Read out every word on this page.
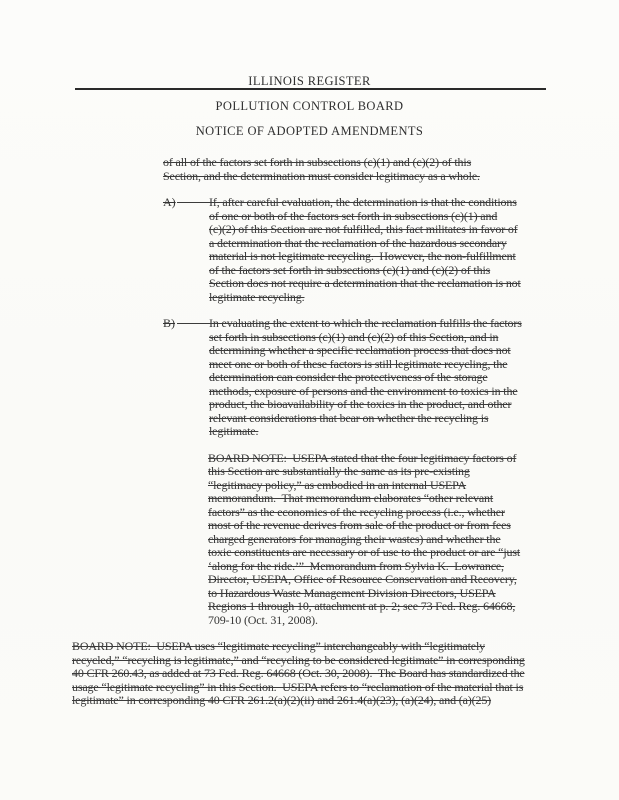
ILLINOIS REGISTER
POLLUTION CONTROL BOARD
NOTICE OF ADOPTED AMENDMENTS
of all of the factors set forth in subsections (c)(1) and (c)(2) of this
Section, and the determination must consider legitimacy as a whole.
A)	If, after careful evaluation, the determination is that the conditions
of one or both of the factors set forth in subsections (c)(1) and
(c)(2) of this Section are not fulfilled, this fact militates in favor of
a determination that the reclamation of the hazardous secondary
material is not legitimate recycling.  However, the non-fulfillment
of the factors set forth in subsections (c)(1) and (c)(2) of this
Section does not require a determination that the reclamation is not
legitimate recycling.
B)	In evaluating the extent to which the reclamation fulfills the factors
set forth in subsections (c)(1) and (c)(2) of this Section, and in
determining whether a specific reclamation process that does not
meet one or both of these factors is still legitimate recycling, the
determination can consider the protectiveness of the storage
methods, exposure of persons and the environment to toxics in the
product, the bioavailability of the toxics in the product, and other
relevant considerations that bear on whether the recycling is
legitimate.
BOARD NOTE:  USEPA stated that the four legitimacy factors of
this Section are substantially the same as its pre-existing
“legitimacy policy,” as embodied in an internal USEPA
memorandum.  That memorandum elaborates “other relevant
factors” as the economies of the recycling process (i.e., whether
most of the revenue derives from sale of the product or from fees
charged generators for managing their wastes) and whether the
toxic constituents are necessary or of use to the product or are “just
‘along for the ride.’”  Memorandum from Sylvia K.  Lowrance,
Director, USEPA, Office of Resource Conservation and Recovery,
to Hazardous Waste Management Division Directors, USEPA
Regions 1 through 10, attachment at p. 2; see 73 Fed. Reg. 64668,
709-10 (Oct. 31, 2008).
BOARD NOTE:  USEPA uses “legitimate recycling” interchangeably with “legitimately
recycled,” “recycling is legitimate,” and “recycling to be considered legitimate” in corresponding
40 CFR 260.43, as added at 73 Fed. Reg. 64668 (Oct. 30, 2008).  The Board has standardized the
usage “legitimate recycling” in this Section.  USEPA refers to “reclamation of the material that is
legitimate” in corresponding 40 CFR 261.2(a)(2)(ii) and 261.4(a)(23), (a)(24), and (a)(25)
